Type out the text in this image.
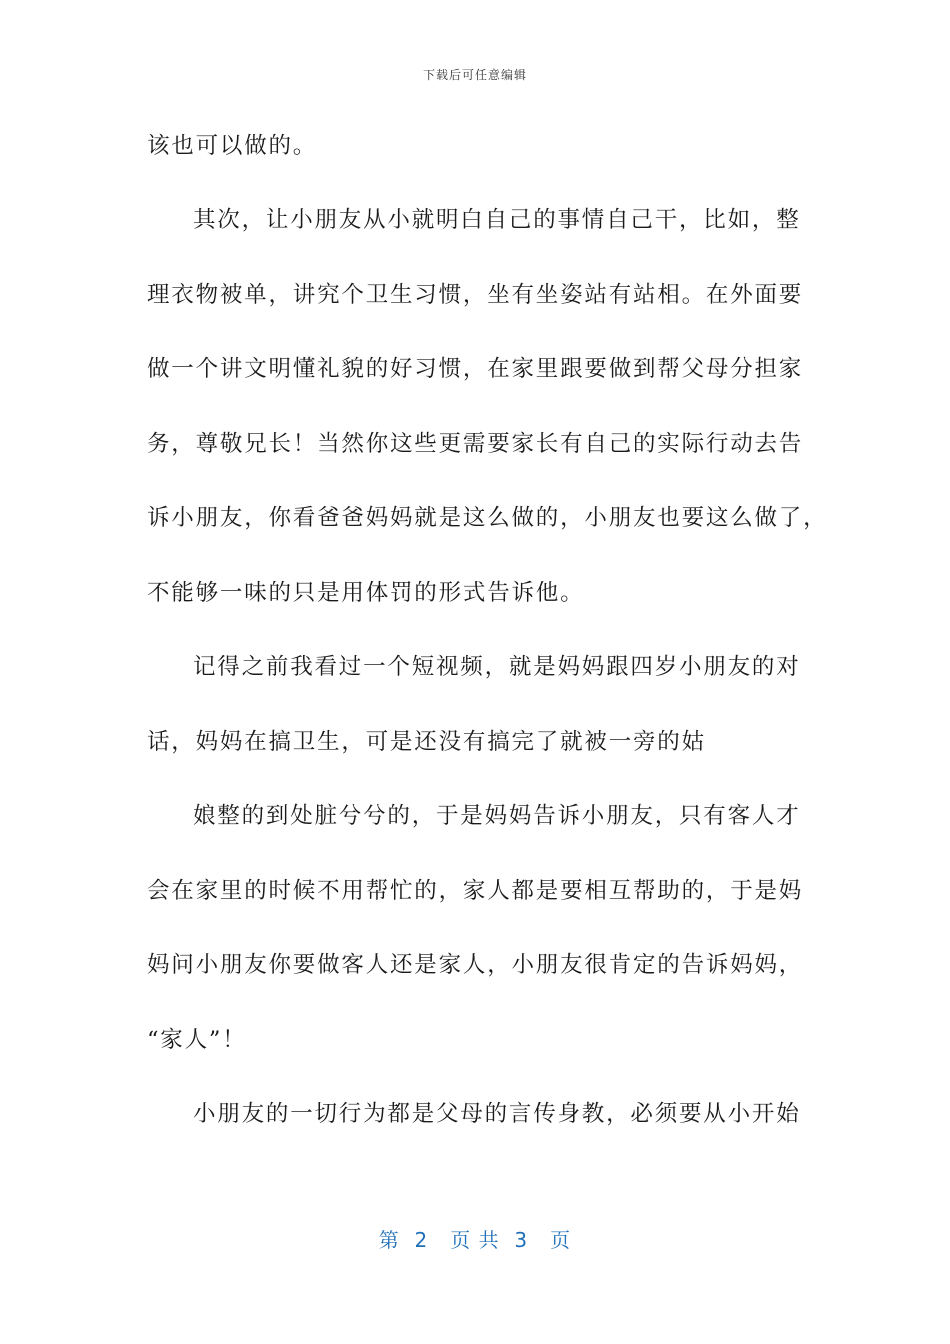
下载后可任意编辑
该也可以做的。
其次，让小朋友从小就明白自己的事情自己干，比如，整
理衣物被单，讲究个卫生习惯，坐有坐姿站有站相。在外面要
做一个讲文明懂礼貌的好习惯，在家里跟要做到帮父母分担家
务，尊敬兄长！当然你这些更需要家长有自己的实际行动去告
诉小朋友，你看爸爸妈妈就是这么做的，小朋友也要这么做了，
不能够一味的只是用体罚的形式告诉他。
记得之前我看过一个短视频，就是妈妈跟四岁小朋友的对
话，妈妈在搞卫生，可是还没有搞完了就被一旁的姑
娘整的到处脏兮兮的，于是妈妈告诉小朋友，只有客人才
会在家里的时候不用帮忙的，家人都是要相互帮助的，于是妈
妈问小朋友你要做客人还是家人，小朋友很肯定的告诉妈妈，
“家人”！
小朋友的一切行为都是父母的言传身教，必须要从小开始
第  2   页 共  3   页
